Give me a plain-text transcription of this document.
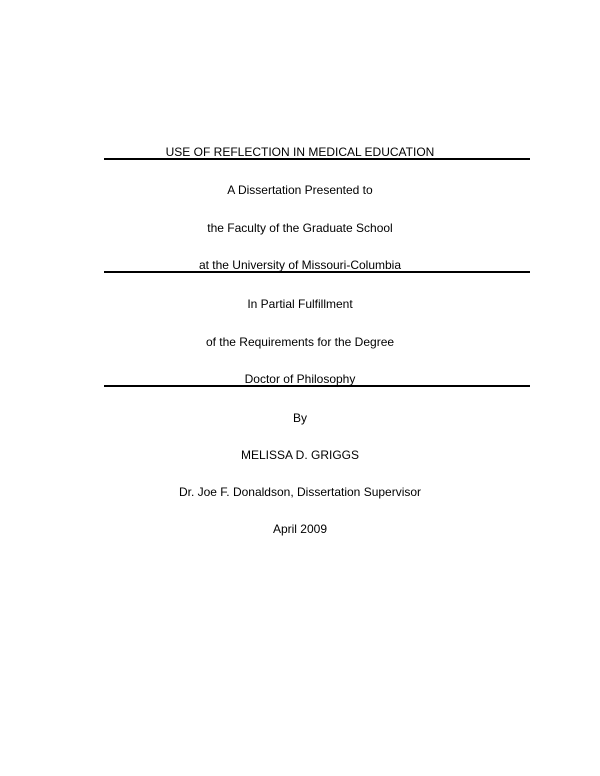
USE OF REFLECTION IN MEDICAL EDUCATION
A Dissertation Presented to
the Faculty of the Graduate School
at the University of Missouri-Columbia
In Partial Fulfillment
of the Requirements for the Degree
Doctor of Philosophy
By
MELISSA D. GRIGGS
Dr. Joe F. Donaldson, Dissertation Supervisor
April 2009
